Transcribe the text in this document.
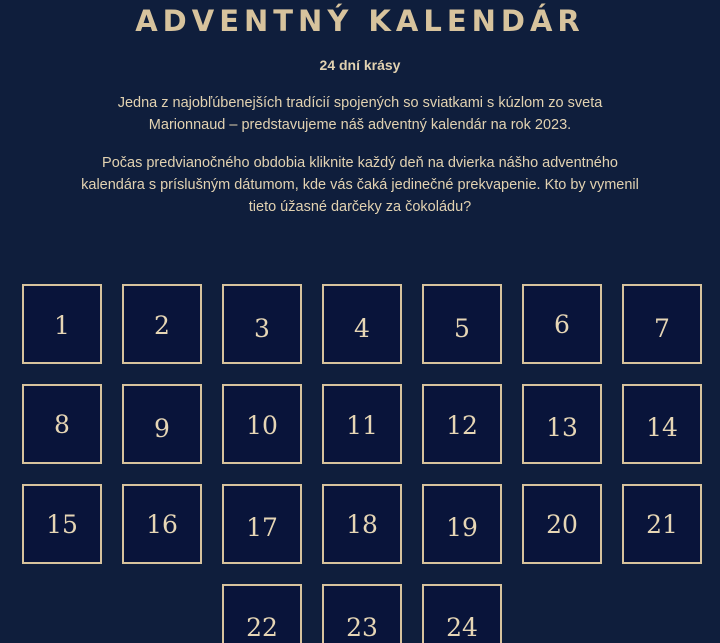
ADVENTNÝ KALENDÁR
24 dní krásy
Jedna z najobľúbenejších tradícií spojených so sviatkami s kúzlom zo sveta Marionnaud – predstavujeme náš adventný kalendár na rok 2023.
Počas predvianočného obdobia kliknite každý deň na dvierka nášho adventného kalendára s príslušným dátumom, kde vás čaká jedinečné prekvapenie. Kto by vymenil tieto úžasné darčeky za čokoládu?
1	2	3	4	5	6	7
8	9	10	11	12	13	14
15	16	17	18	19	20	21
22	23	24
